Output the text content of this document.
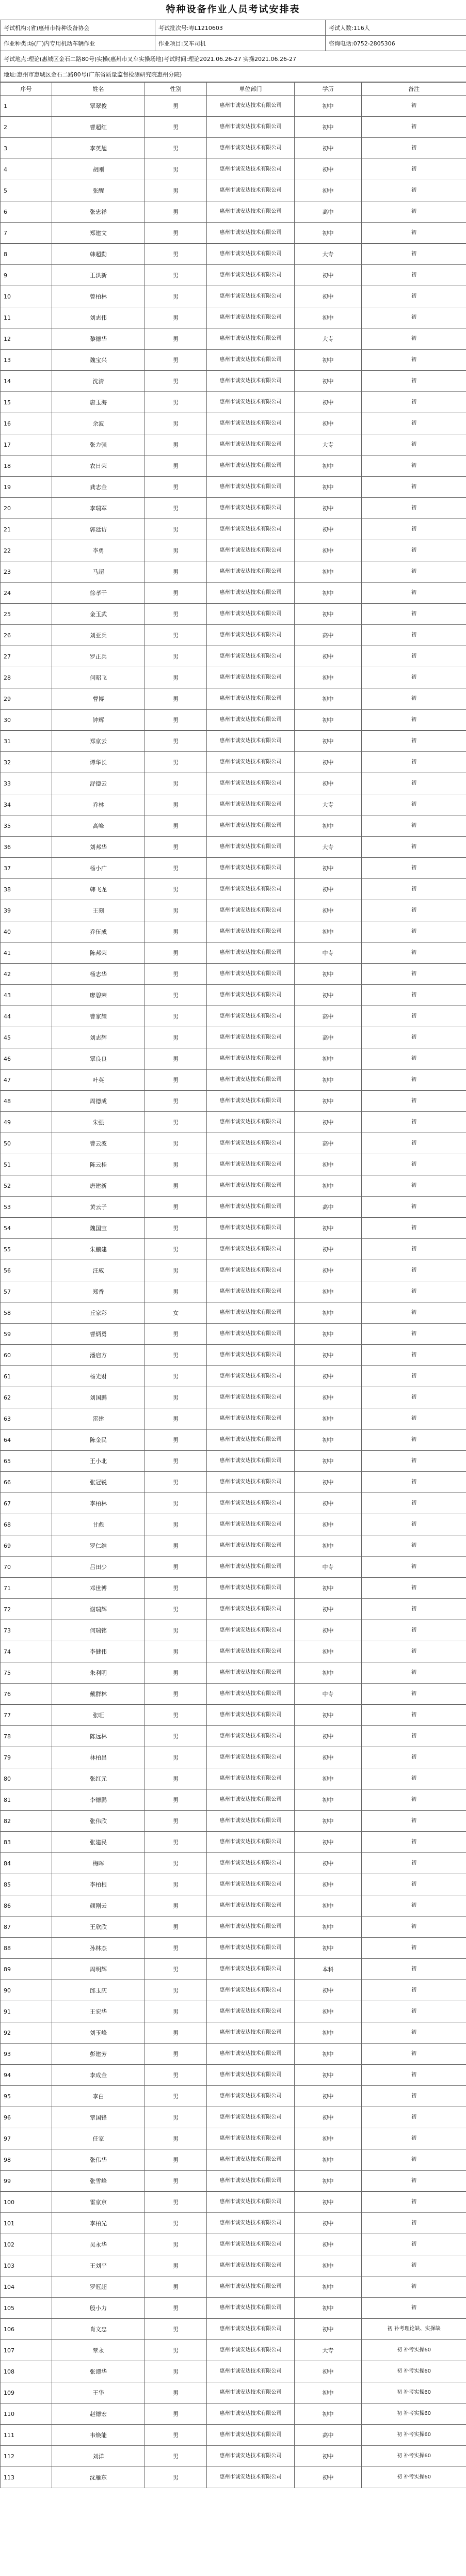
特种设备作业人员考试安排表
考试机构:(省)惠州市特种设备协会	考试批次号:粤L1210603	考试人数:116人
作业种类:场(厂)内专用机动车辆作业	作业项目:叉车司机	咨询电话:0752-2805306
考试地点:理论(惠城区金石二路80号)实操(惠州市叉车实操场地)考试时间:理论2021.06.26-27 实操2021.06.26-27		
地址:惠州市惠城区金石二路80号(广东省质量监督检测研究院惠州分院)		
序号	姓名	性别	单位部门	学历	备注
1	覃翠俊	男	惠州市诚安达技术有限公司	初中	初
2	曹超红	男	惠州市诚安达技术有限公司	初中	初
3	李英旭	男	惠州市诚安达技术有限公司	初中	初
4	胡刚	男	惠州市诚安达技术有限公司	初中	初
5	张醒	男	惠州市诚安达技术有限公司	初中	初
6	张忠祥	男	惠州市诚安达技术有限公司	高中	初
7	郑建文	男	惠州市诚安达技术有限公司	初中	初
8	韩超勤	男	惠州市诚安达技术有限公司	大专	初
9	王洪新	男	惠州市诚安达技术有限公司	初中	初
10	曾柏林	男	惠州市诚安达技术有限公司	初中	初
11	刘志伟	男	惠州市诚安达技术有限公司	初中	初
12	黎德华	男	惠州市诚安达技术有限公司	大专	初
13	魏宝兴	男	惠州市诚安达技术有限公司	初中	初
14	沈清	男	惠州市诚安达技术有限公司	初中	初
15	唐玉海	男	惠州市诚安达技术有限公司	初中	初
16	余波	男	惠州市诚安达技术有限公司	初中	初
17	张力强	男	惠州市诚安达技术有限公司	大专	初
18	农日荣	男	惠州市诚安达技术有限公司	初中	初
19	龚志金	男	惠州市诚安达技术有限公司	初中	初
20	李瑞军	男	惠州市诚安达技术有限公司	初中	初
21	郭廷访	男	惠州市诚安达技术有限公司	初中	初
22	李勇	男	惠州市诚安达技术有限公司	初中	初
23	马超	男	惠州市诚安达技术有限公司	初中	初
24	徐孝干	男	惠州市诚安达技术有限公司	初中	初
25	金玉武	男	惠州市诚安达技术有限公司	初中	初
26	刘亚兵	男	惠州市诚安达技术有限公司	高中	初
27	罗正兵	男	惠州市诚安达技术有限公司	初中	初
28	何昭飞	男	惠州市诚安达技术有限公司	初中	初
29	曹博	男	惠州市诚安达技术有限公司	初中	初
30	钟辉	男	惠州市诚安达技术有限公司	初中	初
31	郑京云	男	惠州市诚安达技术有限公司	初中	初
32	谭华长	男	惠州市诚安达技术有限公司	初中	初
33	舒德云	男	惠州市诚安达技术有限公司	初中	初
34	乔林	男	惠州市诚安达技术有限公司	大专	初
35	高峰	男	惠州市诚安达技术有限公司	初中	初
36	刘邦华	男	惠州市诚安达技术有限公司	大专	初
37	杨小广	男	惠州市诚安达技术有限公司	初中	初
38	韩飞龙	男	惠州市诚安达技术有限公司	初中	初
39	王刻	男	惠州市诚安达技术有限公司	初中	初
40	乔伍成	男	惠州市诚安达技术有限公司	初中	初
41	陈邦荣	男	惠州市诚安达技术有限公司	中专	初
42	杨志华	男	惠州市诚安达技术有限公司	初中	初
43	廖碧荣	男	惠州市诚安达技术有限公司	初中	初
44	曹家耀	男	惠州市诚安达技术有限公司	高中	初
45	刘志辉	男	惠州市诚安达技术有限公司	高中	初
46	覃良良	男	惠州市诚安达技术有限公司	初中	初
47	叶英	男	惠州市诚安达技术有限公司	初中	初
48	周德成	男	惠州市诚安达技术有限公司	初中	初
49	朱强	男	惠州市诚安达技术有限公司	初中	初
50	曹云波	男	惠州市诚安达技术有限公司	高中	初
51	陈云桂	男	惠州市诚安达技术有限公司	初中	初
52	唐建新	男	惠州市诚安达技术有限公司	初中	初
53	黄云子	男	惠州市诚安达技术有限公司	高中	初
54	魏国宝	男	惠州市诚安达技术有限公司	初中	初
55	朱鹏建	男	惠州市诚安达技术有限公司	初中	初
56	汪威	男	惠州市诚安达技术有限公司	初中	初
57	郑香	男	惠州市诚安达技术有限公司	初中	初
58	丘家彩	女	惠州市诚安达技术有限公司	初中	初
59	曹炳勇	男	惠州市诚安达技术有限公司	初中	初
60	潘启方	男	惠州市诚安达技术有限公司	初中	初
61	杨光财	男	惠州市诚安达技术有限公司	初中	初
62	刘国鹏	男	惠州市诚安达技术有限公司	初中	初
63	雷建	男	惠州市诚安达技术有限公司	初中	初
64	陈金民	男	惠州市诚安达技术有限公司	初中	初
65	王小北	男	惠州市诚安达技术有限公司	初中	初
66	张冠锐	男	惠州市诚安达技术有限公司	初中	初
67	李柏林	男	惠州市诚安达技术有限公司	初中	初
68	甘彪	男	惠州市诚安达技术有限公司	初中	初
69	罗仁维	男	惠州市诚安达技术有限公司	初中	初
70	吕田少	男	惠州市诚安达技术有限公司	中专	初
71	邓世博	男	惠州市诚安达技术有限公司	初中	初
72	谢瑞辉	男	惠州市诚安达技术有限公司	初中	初
73	何瑞铭	男	惠州市诚安达技术有限公司	初中	初
74	李健伟	男	惠州市诚安达技术有限公司	初中	初
75	朱利明	男	惠州市诚安达技术有限公司	初中	初
76	戴群林	男	惠州市诚安达技术有限公司	中专	初
77	张旺	男	惠州市诚安达技术有限公司	初中	初
78	陈远林	男	惠州市诚安达技术有限公司	初中	初
79	林柏昌	男	惠州市诚安达技术有限公司	初中	初
80	张红元	男	惠州市诚安达技术有限公司	初中	初
81	李德鹏	男	惠州市诚安达技术有限公司	初中	初
82	张伟欣	男	惠州市诚安达技术有限公司	初中	初
83	张建民	男	惠州市诚安达技术有限公司	初中	初
84	梅晖	男	惠州市诚安达技术有限公司	初中	初
85	李柏根	男	惠州市诚安达技术有限公司	初中	初
86	颜刚云	男	惠州市诚安达技术有限公司	初中	初
87	王欣欣	男	惠州市诚安达技术有限公司	初中	初
88	孙林杰	男	惠州市诚安达技术有限公司	初中	初
89	周明辉	男	惠州市诚安达技术有限公司	本科	初
90	邱玉庆	男	惠州市诚安达技术有限公司	初中	初
91	王宏华	男	惠州市诚安达技术有限公司	初中	初
92	刘玉峰	男	惠州市诚安达技术有限公司	初中	初
93	彭建芳	男	惠州市诚安达技术有限公司	初中	初
94	李成金	男	惠州市诚安达技术有限公司	初中	初
95	李白	男	惠州市诚安达技术有限公司	初中	初
96	覃国锋	男	惠州市诚安达技术有限公司	初中	初
97	任家	男	惠州市诚安达技术有限公司	初中	初
98	张伟华	男	惠州市诚安达技术有限公司	初中	初
99	张雪峰	男	惠州市诚安达技术有限公司	初中	初
100	雷京京	男	惠州市诚安达技术有限公司	初中	初
101	李柏光	男	惠州市诚安达技术有限公司	初中	初
102	吴永华	男	惠州市诚安达技术有限公司	初中	初
103	王刘平	男	惠州市诚安达技术有限公司	初中	初
104	罗冠超	男	惠州市诚安达技术有限公司	初中	初
105	殷小力	男	惠州市诚安达技术有限公司	初中	初
106	肖文忠	男	惠州市诚安达技术有限公司	初中	初 补考理论缺、实操缺
107	覃永	男	惠州市诚安达技术有限公司	大专	初 补考实操60
108	张谭华	男	惠州市诚安达技术有限公司	初中	初 补考实操60
109	王华	男	惠州市诚安达技术有限公司	初中	初 补考实操60
110	赵德宏	男	惠州市诚安达技术有限公司	初中	初 补考实操60
111	韦焕能	男	惠州市诚安达技术有限公司	高中	初 补考实操60
112	刘洋	男	惠州市诚安达技术有限公司	初中	初 补考实操60
113	沈雁东	男	惠州市诚安达技术有限公司	初中	初 补考实操60
